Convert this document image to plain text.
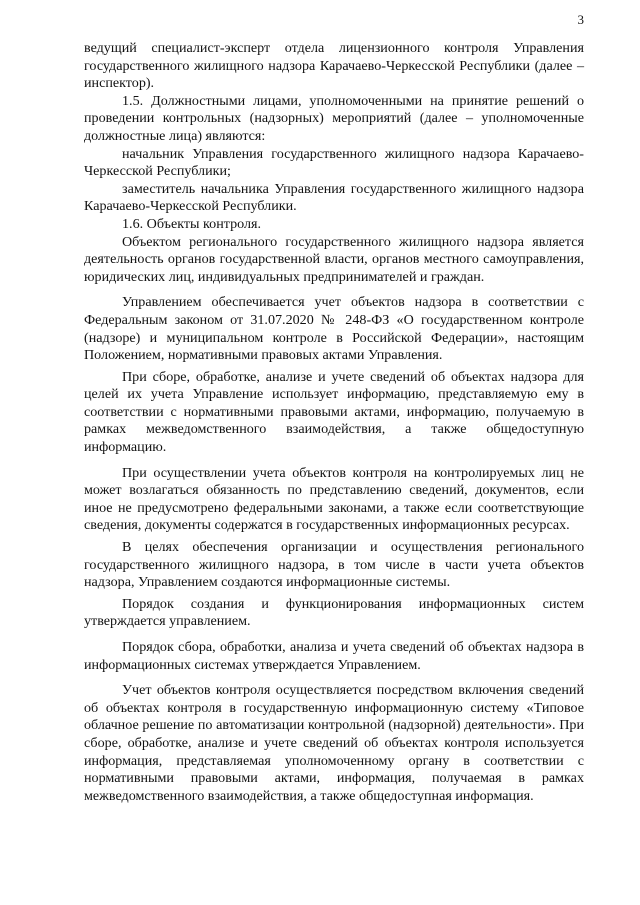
3

ведущий специалист-эксперт отдела лицензионного контроля Управления государственного жилищного надзора Карачаево-Черкесской Республики (далее – инспектор).

1.5. Должностными лицами, уполномоченными на принятие решений о проведении контрольных (надзорных) мероприятий (далее – уполномоченные должностные лица) являются:

начальник Управления государственного жилищного надзора Карачаево-Черкесской Республики;

заместитель начальника Управления государственного жилищного надзора Карачаево-Черкесской Республики.

1.6. Объекты контроля.

Объектом регионального государственного жилищного надзора является деятельность органов государственной власти, органов местного самоуправления, юридических лиц, индивидуальных предпринимателей и граждан.

Управлением обеспечивается учет объектов надзора в соответствии с Федеральным законом от 31.07.2020 № 248-ФЗ «О государственном контроле (надзоре) и муниципальном контроле в Российской Федерации», настоящим Положением, нормативными правовых актами Управления.

При сборе, обработке, анализе и учете сведений об объектах надзора для целей их учета Управление использует информацию, представляемую ему в соответствии с нормативными правовыми актами, информацию, получаемую в рамках межведомственного взаимодействия, а также общедоступную информацию.

При осуществлении учета объектов контроля на контролируемых лиц не может возлагаться обязанность по представлению сведений, документов, если иное не предусмотрено федеральными законами, а также если соответствующие сведения, документы содержатся в государственных информационных ресурсах.

В целях обеспечения организации и осуществления регионального государственного жилищного надзора, в том числе в части учета объектов надзора, Управлением создаются информационные системы.

Порядок создания и функционирования информационных систем утверждается управлением.

Порядок сбора, обработки, анализа и учета сведений об объектах надзора в информационных системах утверждается Управлением.

Учет объектов контроля осуществляется посредством включения сведений об объектах контроля в государственную информационную систему «Типовое облачное решение по автоматизации контрольной (надзорной) деятельности». При сборе, обработке, анализе и учете сведений об объектах контроля используется информация, представляемая уполномоченному органу в соответствии с нормативными правовыми актами, информация, получаемая в рамках межведомственного взаимодействия, а также общедоступная информация.
